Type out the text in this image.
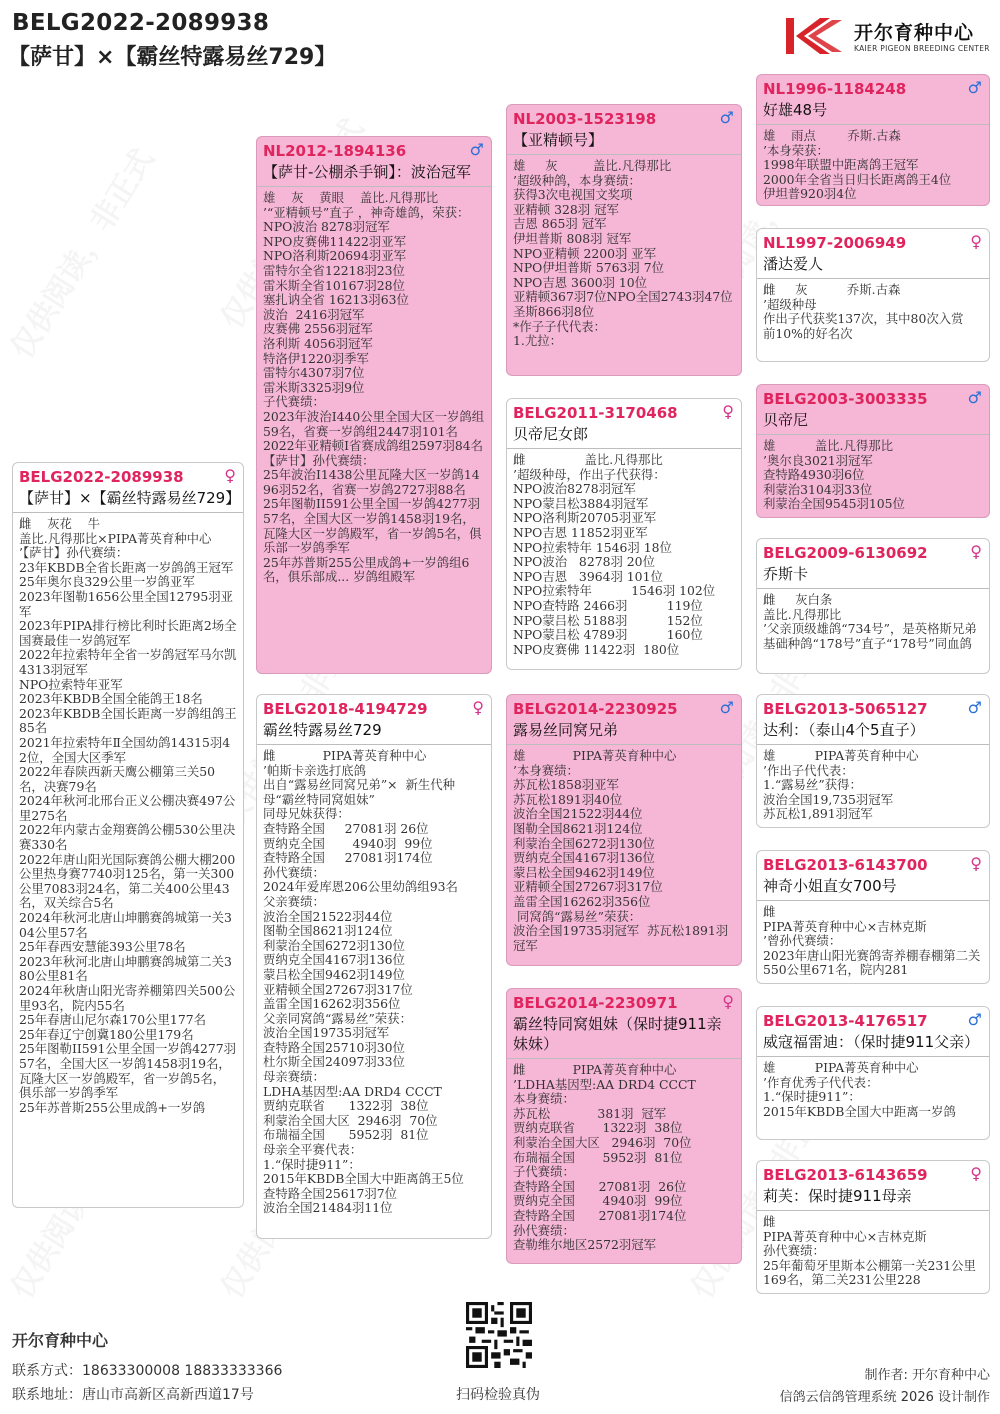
BELG2022-2089938
【萨甘】×【霸丝特露易丝729】
开尔育种中心
KAIER PIGEON BREEDING CENTER
BELG2022-2089938	♀
【萨甘】×【霸丝特露易丝729】
雌    灰花    牛
盖比.凡得那比×PIPA菁英育种中心
’【萨甘】孙代赛绩：
23年KBDB全省长距离一岁鸽鸽王冠军
25年奥尔良329公里一岁鸽亚军
2023年图勒1656公里全国12795羽亚军
2023年PIPA排行榜比利时长距离2场全国赛最佳一岁鸽冠军
2022年拉索特年全省一岁鸽冠军马尔凯 4313羽冠军
NPO拉索特年亚军
2023年KBDB全国全能鸽王18名
2023年KBDB全国长距离一岁鸽组鸽王85名
2021年拉索特年Ⅱ全国幼鸽14315羽42位，全国大区季军
2022年春陕西新天鹰公棚第三关50名，决赛79名
2024年秋河北邢台正义公棚决赛497公里275名
2022年内蒙古金翔赛鸽公棚530公里决赛330名
2022年唐山阳光国际赛鸽公棚大棚200公里热身赛7740羽125名，第一关300公里7083羽24名，第二关400公里43名，双关综合5名
2024年秋河北唐山坤鹏赛鸽城第一关304公里57名
25年春西安慧能393公里78名
2023年秋河北唐山坤鹏赛鸽城第二关380公里81名
2024年秋唐山阳光寄养棚第四关500公里93名，院内55名
25年春唐山尼尔森170公里177名
25年春辽宁创冀180公里179名
25年图勒II591公里全国一岁鸽4277羽57名，全国大区一岁鸽1458羽19名，瓦隆大区一岁鸽殿军，省一岁鸽5名，俱乐部一岁鸽季军
25年苏普斯255公里成鸽+一岁鸽
NL2012-1894136	♂
【萨甘-公棚杀手锏】：波治冠军
雄    灰    黄眼    盖比.凡得那比
’“亚精顿号”直子 ，神奇雄鸽，荣获：
NPO波治 8278羽冠军
NPO皮赛佛11422羽亚军
NPO洛利斯20694羽亚军
雷特尔全省12218羽23位
雷米斯全省10167羽28位
塞扎讷全省 16213羽63位
波治  2416羽冠军
皮赛佛 2556羽冠军
洛利斯 4056羽冠军
特洛伊1220羽季军
雷特尔4307羽7位
雷米斯3325羽9位
子代赛绩：
2023年波治Ⅰ440公里全国大区一岁鸽组59名，省赛一岁鸽组2447羽101名
2022年亚精顿Ⅰ省赛成鸽组2597羽84名
【萨甘】孙代赛绩：
25年波治I1438公里瓦隆大区一岁鸽1496羽52名，省赛一岁鸽2727羽88名
25年图勒II591公里全国一岁鸽4277羽57名，全国大区一岁鸽1458羽19名，瓦隆大区一岁鸽殿军，省一岁鸽5名，俱乐部一岁鸽季军
25年苏普斯255公里成鸽+一岁鸽组6名，俱乐部成... 岁鸽组殿军
BELG2018-4194729	♀
霸丝特露易丝729
雌            PIPA菁英育种中心
’帕斯卡亲选打底鸽
出自“露易丝同窝兄弟”×  新生代种母“霸丝特同窝姐妹”
同母兄妹获得：
查特路全国     27081羽 26位
贾纳克全国       4940羽  99位
查特路全国     27081羽174位
孙代赛绩：
2024年爱库恩206公里幼鸽组93名
父亲赛绩：
波治全国21522羽44位
图勒全国8621羽124位
利蒙治全国6272羽130位
贾纳克全国4167羽136位
蒙吕松全国9462羽149位
亚精顿全国27267羽317位
盖雷全国16262羽356位
父亲同窝鸽“露易丝”荣获：
波治全国19735羽冠军
查特路全国25710羽30位
杜尔斯全国24097羽33位
母亲赛绩：
LDHA基因型:AA DRD4 CCCT
贾纳克联省      1322羽  38位
利蒙治全国大区  2946羽  70位
布瑞福全国      5952羽  81位
母亲全平赛代表：
1.“保时捷911”：
2015年KBDB全国大中距离鸽王5位
查特路全国25617羽7位
波治全国21484羽11位
NL2003-1523198	♂
【亚精顿号】
雄     灰         盖比.凡得那比
’超级种鸽，本身赛绩：
获得3次电视国文奖项
亚精顿 328羽 冠军
吉恩 865羽 冠军
伊坦普斯 808羽 冠军
NPO亚精顿 2200羽 亚军
NPO伊坦普斯 5763羽 7位
NPO吉恩 3600羽 10位
亚精顿367羽7位NPO全国2743羽47位
圣斯866羽8位
*作子子代代表：
1.尤拉：
BELG2011-3170468	♀
贝帝尼女郎
雌               盖比.凡得那比
’超级种母，作出子代获得：
NPO波治8278羽冠军
NPO蒙吕松3884羽冠军
NPO洛利斯20705羽亚军
NPO吉恩 11852羽亚军
NPO拉索特年 1546羽 18位
NPO波治   8278羽 20位
NPO吉恩   3964羽 101位
NPO拉索特年          1546羽 102位
NPO查特路 2466羽          119位
NPO蒙吕松 5188羽          152位
NPO蒙吕松 4789羽          160位
NPO皮赛佛 11422羽  180位
BELG2014-2230925	♂
露易丝同窝兄弟
雄            PIPA菁英育种中心
’本身赛绩：
苏瓦松1858羽亚军
苏瓦松1891羽40位
波治全国21522羽44位
图勒全国8621羽124位
利蒙治全国6272羽130位
贾纳克全国4167羽136位
蒙吕松全国9462羽149位
亚精顿全国27267羽317位
盖雷全国16262羽356位
同窝鸽“露易丝”荣获：
波治全国19735羽冠军  苏瓦松1891羽冠军
BELG2014-2230971	♀
霸丝特同窝姐妹（保时捷911亲妹妹）
雌            PIPA菁英育种中心
’LDHA基因型:AA DRD4 CCCT
本身赛绩：
苏瓦松            381羽  冠军
贾纳克联省       1322羽  38位
利蒙治全国大区   2946羽  70位
布瑞福全国       5952羽  81位
子代赛绩：
查特路全国      27081羽  26位
贾纳克全国       4940羽  99位
查特路全国      27081羽174位
孙代赛绩：
查勒维尔地区2572羽冠军
NL1996-1184248	♂
好雄48号
雄    雨点        乔斯.古森
’本身荣获：
1998年联盟中距离鸽王冠军
2000年全省当日归长距离鸽王4位
伊坦普920羽4位
NL1997-2006949	♀
潘达爱人
雌     灰          乔斯.古森
’超级种母
作出子代获奖137次，其中80次入赏
前10%的好名次
BELG2003-3003335	♂
贝帝尼
雄          盖比.凡得那比
’奥尔良3021羽冠军
查特路4930羽6位
利蒙治3104羽33位
利蒙治全国9545羽105位
BELG2009-6130692	♀
乔斯卡
雌     灰白条
盖比.凡得那比
’父亲顶级雄鸽“734号”，是英格斯兄弟基础种鸽“178号”直子“178号”同血鸽
BELG2013-5065127	♂
达利：（泰山4个5直子）
雄          PIPA菁英育种中心
’作出子代代表：
1.“露易丝”获得：
波治全国19,735羽冠军
苏瓦松1,891羽冠军
BELG2013-6143700	♀
神奇小姐直女700号
雌
PIPA菁英育种中心×吉林克斯
’曾孙代赛绩：
2023年唐山阳光赛鸽寄养棚春棚第二关550公里671名，院内281
BELG2013-4176517	♂
威寇福雷迪：（保时捷911父亲）
雄          PIPA菁英育种中心
’作育优秀子代代表：
1.“保时捷911”：
2015年KBDB全国大中距离一岁鸽
BELG2013-6143659	♀
莉芙：保时捷911母亲
雌
PIPA菁英育种中心×吉林克斯
孙代赛绩：
25年葡萄牙里斯本公棚第一关231公里169名，第二关231公里228
开尔育种中心
联系方式：18633300008 18833333366
联系地址：唐山市高新区高新西道17号	扫码检验真伪
制作者: 开尔育种中心
信鸽云信鸽管理系统 2026 设计制作
